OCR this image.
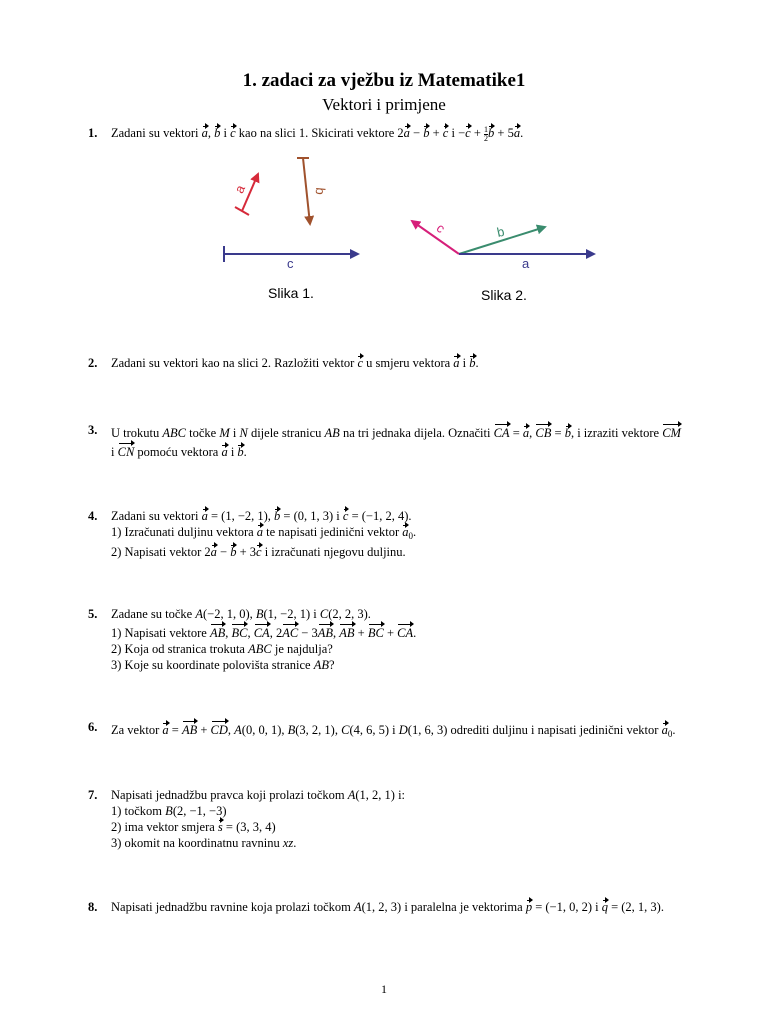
1. zadaci za vježbu iz Matematike1
Vektori i primjene
1. Zadani su vektori a, b i c kao na slici 1. Skicirati vektore 2a − b + c $i -c + \frac{1}{2}$ b + 5a.
a	b
c
Slika 1.
c	b
a
Slika 2.
2. Zadani su vektori kao na slici 2. Razložiti vektor c u smjeru vektora a i b.
3. U trokutu ABC točke M i N dijele stranicu AB na tri jednaka dijela. Označiti CA = a, CB = b, i izraziti vektore CM
i CN pomoću vektora a i b.
4. Zadani su vektori a = (1, −2, 1), b = (0, 1, 3) i c = (−1, 2, 4).
1) Izračunati duljinu vektora a te napisati jedinični vektor $a_0$.
2) Napisati vektor 2a − b + 3c i izračunati njegovu duljinu.
5. Zadane su točke A(−2, 1, 0), B(1, −2, 1) i C(2, 2, 3).
1) Napisati vektore AB, BC, CA, 2AC − 3AB, AB + BC + CA.
2) Koja od stranica trokuta ABC je najdulja?
3) Koje su koordinate polovišta stranice AB?
6. Za vektor a = AB + CD, A(0, 0, 1), B(3, 2, 1), C(4, 6, 5) i D(1, 6, 3) odrediti duljinu i napisati jedinični vektor $a_0$.
7. Napisati jednadžbu pravca koji prolazi točkom A(1, 2, 1) i:
1) točkom B(2, −1, −3)
2) ima vektor smjera s = (3, 3, 4)
3) okomit na koordinatnu ravninu xz.
8. Napisati jednadžbu ravnine koja prolazi točkom A(1, 2, 3) i paralelna je vektorima p = (−1, 0, 2) i q = (2, 1, 3).
1
